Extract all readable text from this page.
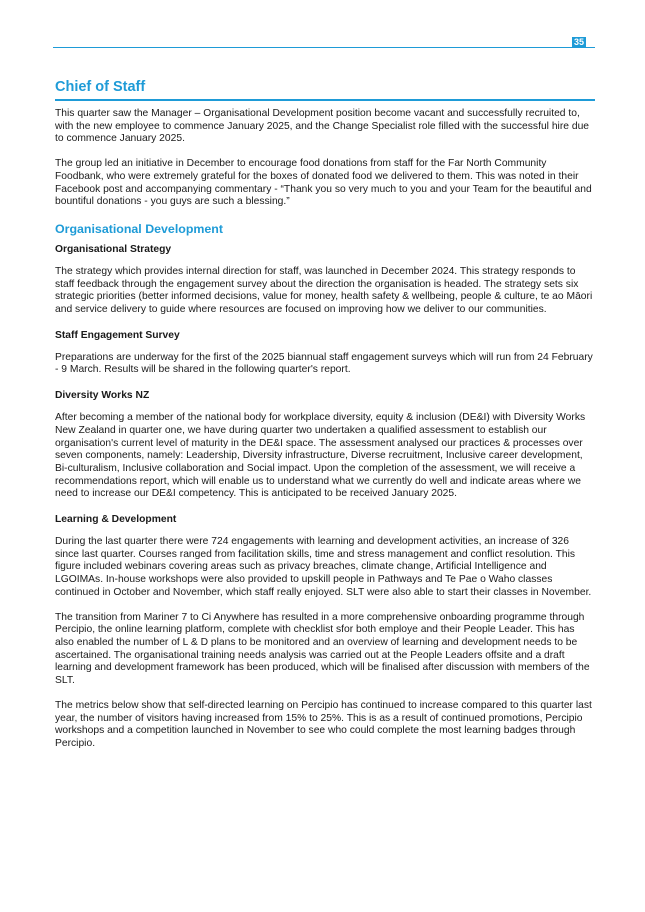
35
Chief of Staff

This quarter saw the Manager – Organisational Development position become vacant and successfully recruited to, with the new employee to commence January 2025, and the Change Specialist role filled with the successful hire due to commence January 2025.

The group led an initiative in December to encourage food donations from staff for the Far North Community Foodbank, who were extremely grateful for the boxes of donated food we delivered to them. This was noted in their Facebook post and accompanying commentary - “Thank you so very much to you and your Team for the beautiful and bountiful donations - you guys are such a blessing.”

Organisational Development
Organisational Strategy

The strategy which provides internal direction for staff, was launched in December 2024. This strategy responds to staff feedback through the engagement survey about the direction the organisation is headed. The strategy sets six strategic priorities (better informed decisions, value for money, health safety & wellbeing, people & culture, te ao Māori and service delivery to guide where resources are focused on improving how we deliver to our communities.

Staff Engagement Survey

Preparations are underway for the first of the 2025 biannual staff engagement surveys which will run from 24 February - 9 March. Results will be shared in the following quarter's report.

Diversity Works NZ

After becoming a member of the national body for workplace diversity, equity & inclusion (DE&I) with Diversity Works New Zealand in quarter one, we have during quarter two undertaken a qualified assessment to establish our organisation's current level of maturity in the DE&I space. The assessment analysed our practices & processes over seven components, namely: Leadership, Diversity infrastructure, Diverse recruitment, Inclusive career development, Bi-culturalism, Inclusive collaboration and Social impact. Upon the completion of the assessment, we will receive a recommendations report, which will enable us to understand what we currently do well and indicate areas where we need to increase our DE&I competency. This is anticipated to be received January 2025.

Learning & Development

During the last quarter there were 724 engagements with learning and development activities, an increase of 326 since last quarter. Courses ranged from facilitation skills, time and stress management and conflict resolution. This figure included webinars covering areas such as privacy breaches, climate change, Artificial Intelligence and LGOIMAs. In-house workshops were also provided to upskill people in Pathways and Te Pae o Waho classes continued in October and November, which staff really enjoyed. SLT were also able to start their classes in November.

The transition from Mariner 7 to Ci Anywhere has resulted in a more comprehensive onboarding programme through Percipio, the online learning platform, complete with checklist sfor both employe and their People Leader. This has also enabled the number of L & D plans to be monitored and an overview of learning and development needs to be ascertained. The organisational training needs analysis was carried out at the People Leaders offsite and a draft learning and development framework has been produced, which will be finalised after discussion with members of the SLT.

The metrics below show that self-directed learning on Percipio has continued to increase compared to this quarter last year, the number of visitors having increased from 15% to 25%. This is as a result of continued promotions, Percipio workshops and a competition launched in November to see who could complete the most learning badges through Percipio.
